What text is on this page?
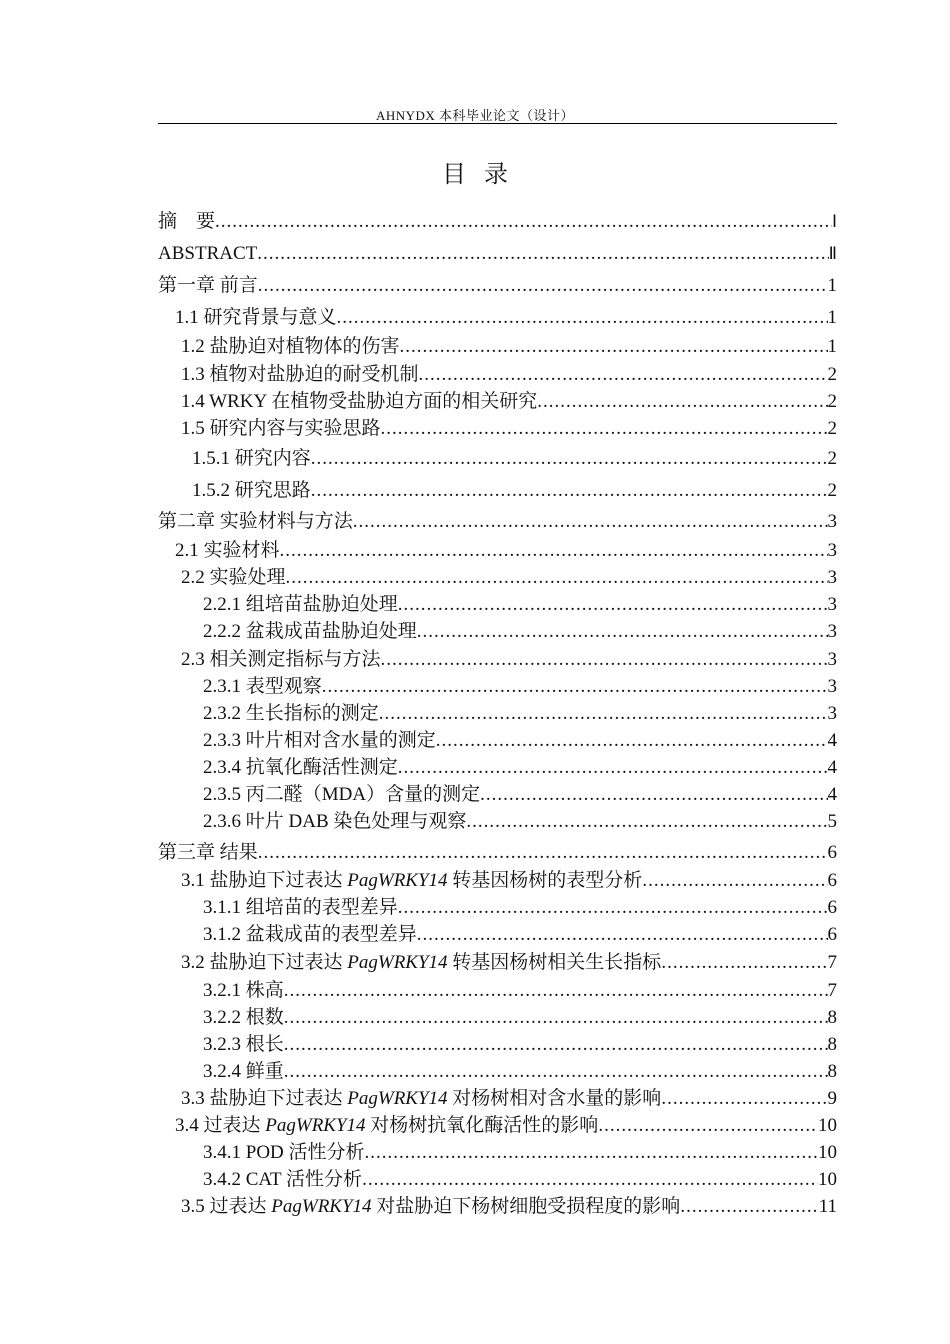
AHNYDX 本科毕业论文（设计）
目录
摘　要 .....	Ⅰ
ABSTRACT .....	Ⅱ
第一章 前言 .....	1
1.1 研究背景与意义 .....	1
1.2 盐胁迫对植物体的伤害 .....	1
1.3 植物对盐胁迫的耐受机制 .....	2
1.4 WRKY 在植物受盐胁迫方面的相关研究 .....	2
1.5 研究内容与实验思路 .....	2
1.5.1 研究内容 .....	2
1.5.2 研究思路 .....	2
第二章 实验材料与方法 .....	3
2.1 实验材料 .....	3
2.2 实验处理 .....	3
2.2.1 组培苗盐胁迫处理 .....	3
2.2.2 盆栽成苗盐胁迫处理 .....	3
2.3 相关测定指标与方法 .....	3
2.3.1 表型观察 .....	3
2.3.2 生长指标的测定 .....	3
2.3.3 叶片相对含水量的测定 .....	4
2.3.4 抗氧化酶活性测定 .....	4
2.3.5 丙二醛（MDA）含量的测定 .....	4
2.3.6 叶片 DAB 染色处理与观察 .....	5
第三章 结果 .....	6
3.1 盐胁迫下过表达 PagWRKY14 转基因杨树的表型分析 .....	6
3.1.1 组培苗的表型差异 .....	6
3.1.2 盆栽成苗的表型差异 .....	6
3.2 盐胁迫下过表达 PagWRKY14 转基因杨树相关生长指标 .....	7
3.2.1 株高 .....	7
3.2.2 根数 .....	8
3.2.3 根长 .....	8
3.2.4 鲜重 .....	8
3.3 盐胁迫下过表达 PagWRKY14 对杨树相对含水量的影响 .....	9
3.4 过表达 PagWRKY14 对杨树抗氧化酶活性的影响 .....	10
3.4.1 POD 活性分析 .....	10
3.4.2 CAT 活性分析 .....	10
3.5 过表达 PagWRKY14 对盐胁迫下杨树细胞受损程度的影响 .....	11
